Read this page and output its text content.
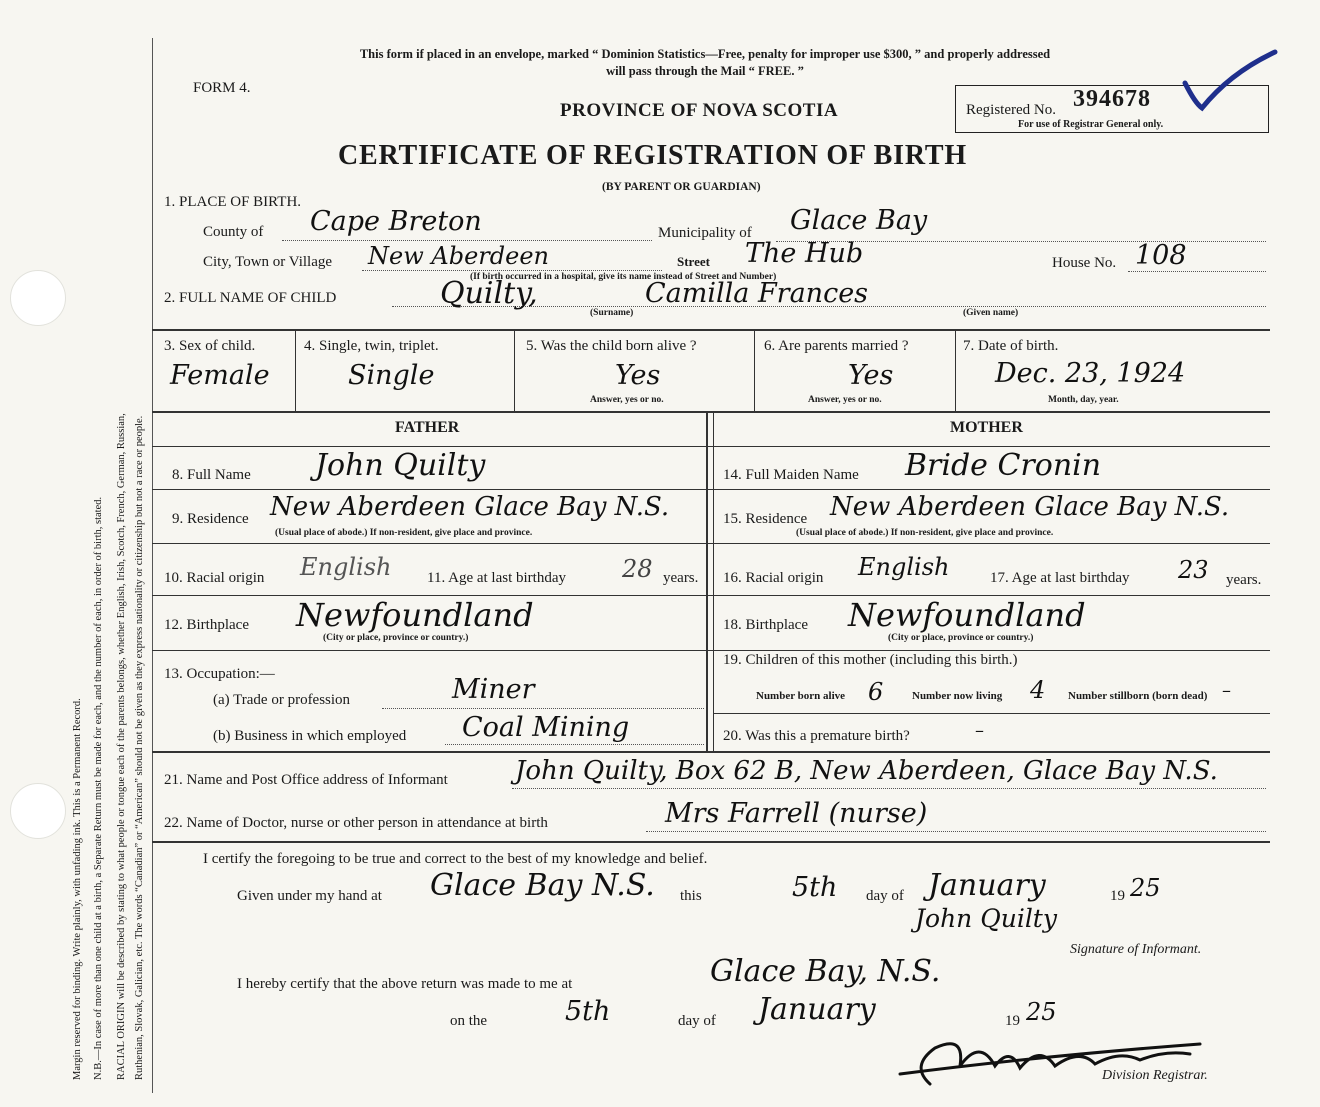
Margin reserved for binding. Write plainly, with unfading ink. This is a Permanent Record. N.B.—In case of more than one child at a birth, a Separate Return must be made for each, and the number of each, in order of birth, stated. RACIAL ORIGIN will be described by stating to what people or tongue each of the parents belongs, whether English, Irish, Scotch, French, German, Russian, Ruthenian, Slovak, Galician, etc. The words “Canadian” or “American” should not be given as they express nationality or citizenship but not a race or people.
This form if placed in an envelope, marked “ Dominion Statistics—Free, penalty for improper use $300, ” and properly addressed
will pass through the Mail “ FREE. ”
FORM 4.
PROVINCE OF NOVA SCOTIA
CERTIFICATE OF REGISTRATION OF BIRTH
(BY PARENT OR GUARDIAN)
Registered No. 394678
For use of Registrar General only.
1. PLACE OF BIRTH.
County of Cape Breton	Municipality of Glace Bay
City, Town or Village New Aberdeen	Street The Hub	House No. 108
(If birth occurred in a hospital, give its name instead of Street and Number)
2. FULL NAME OF CHILD	Quilty,	Camilla Frances
(Surname)	(Given name)
3. Sex of child.
Female
4. Single, twin, triplet.
Single
5. Was the child born alive ?
Yes
Answer, yes or no.
6. Are parents married ?
Yes
Answer, yes or no.
7. Date of birth.
Dec. 23, 1924
Month, day, year.
FATHER	MOTHER
8. Full Name John Quilty
9. Residence New Aberdeen Glace Bay N.S.
(Usual place of abode.) If non-resident, give place and province.
10. Racial origin English 11. Age at last birthday 28 years.
12. Birthplace Newfoundland
(City or place, province or country.)
13. Occupation:—
(a) Trade or profession	Miner
(b) Business in which employed Coal Mining
14. Full Maiden Name Bride Cronin
15. Residence New Aberdeen Glace Bay N.S.
(Usual place of abode.) If non-resident, give place and province.
16. Racial origin English	17. Age at last birthday 23 years.
18. Birthplace Newfoundland
(City or place, province or country.)
19. Children of this mother (including this birth.)
Number born alive 6	Number now living 4 Number stillborn (born dead) –
20. Was this a premature birth?	–
21. Name and Post Office address of Informant	John Quilty, Box 62 B, New Aberdeen, Glace Bay N.S.
22. Name of Doctor, nurse or other person in attendance at birth	Mrs Farrell (nurse)
I certify the foregoing to be true and correct to the best of my knowledge and belief.
Given under my hand at Glace Bay N.S. this	5th day of January	19 25
John Quilty
Signature of Informant.
I hereby certify that the above return was made to me at	Glace Bay, N.S.
on the	5th	day of January	19 25
Division Registrar.
